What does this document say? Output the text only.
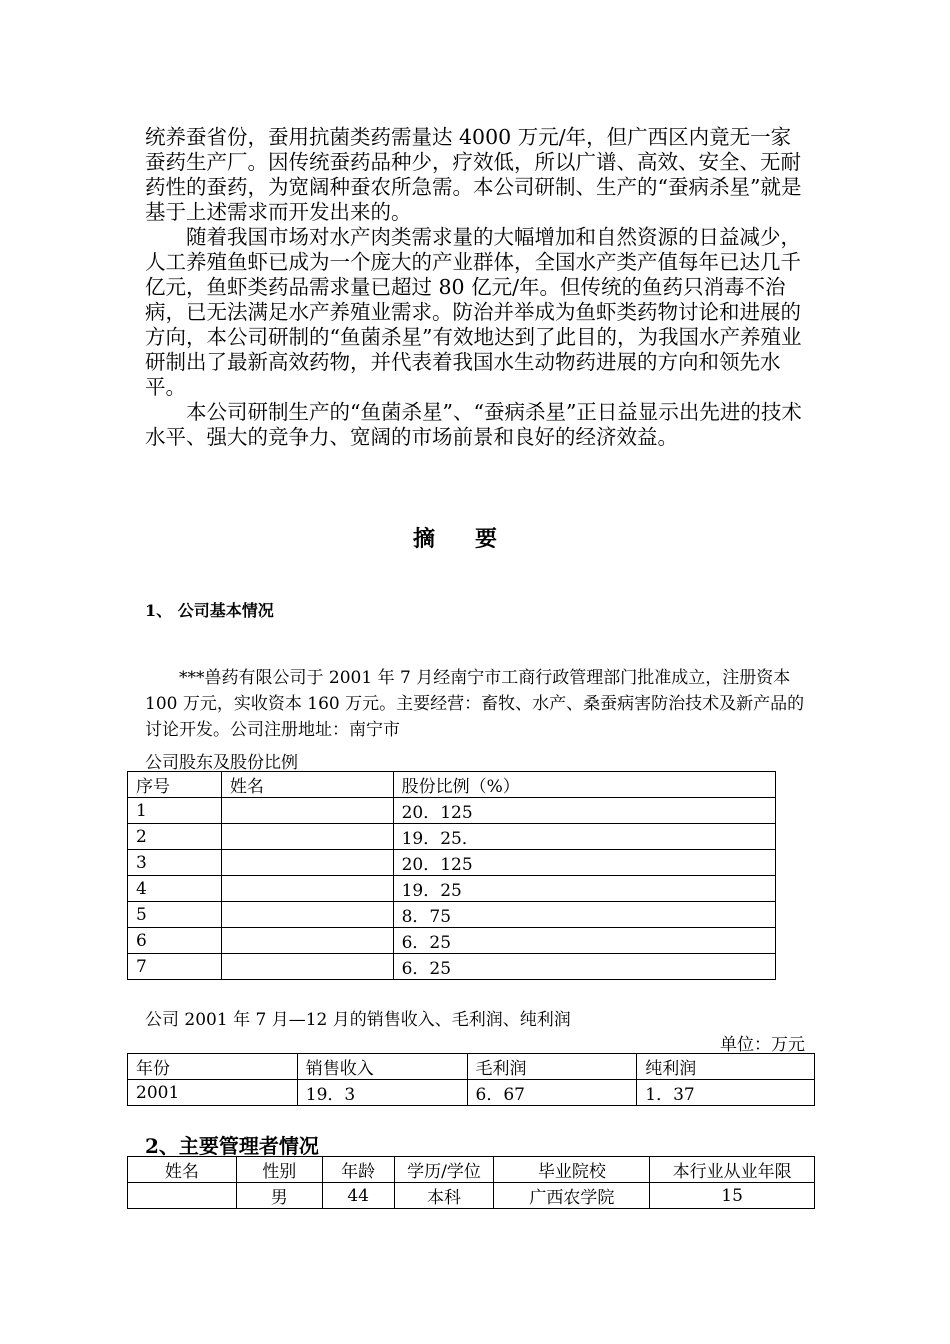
统养蚕省份，蚕用抗菌类药需量达 4000 万元/年，但广西区内竟无一家蚕药生产厂。因传统蚕药品种少，疗效低，所以广谱、高效、安全、无耐药性的蚕药，为宽阔种蚕农所急需。本公司研制、生产的“蚕病杀星”就是基于上述需求而开发出来的。

随着我国市场对水产肉类需求量的大幅增加和自然资源的日益减少，人工养殖鱼虾已成为一个庞大的产业群体，全国水产类产值每年已达几千亿元，鱼虾类药品需求量已超过 80 亿元/年。但传统的鱼药只消毒不治病，已无法满足水产养殖业需求。防治并举成为鱼虾类药物讨论和进展的方向，本公司研制的“鱼菌杀星”有效地达到了此目的，为我国水产养殖业研制出了最新高效药物，并代表着我国水生动物药进展的方向和领先水平。

本公司研制生产的“鱼菌杀星”、“蚕病杀星”正日益显示出先进的技术水平、强大的竞争力、宽阔的市场前景和良好的经济效益。

摘要
1、 公司基本情况

***兽药有限公司于 2001 年 7 月经南宁市工商行政管理部门批准成立，注册资本 100 万元，实收资本 160 万元。主要经营：畜牧、水产、桑蚕病害防治技术及新产品的讨论开发。公司注册地址：南宁市

公司股东及股份比例
序号	姓名	股份比例（%）
1		20．125
2		19．25．
3		20．125
4		19．25
5		8．75
6		6．25
7		6．25
公司 2001 年 7 月—12 月的销售收入、毛利润、纯利润
单位：万元
年份	销售收入	毛利润	纯利润
2001	19．3	6．67	1．37
2、主要管理者情况
姓名	性别	年龄	学历/学位	毕业院校	本行业从业年限
	男	44	本科	广西农学院	15
